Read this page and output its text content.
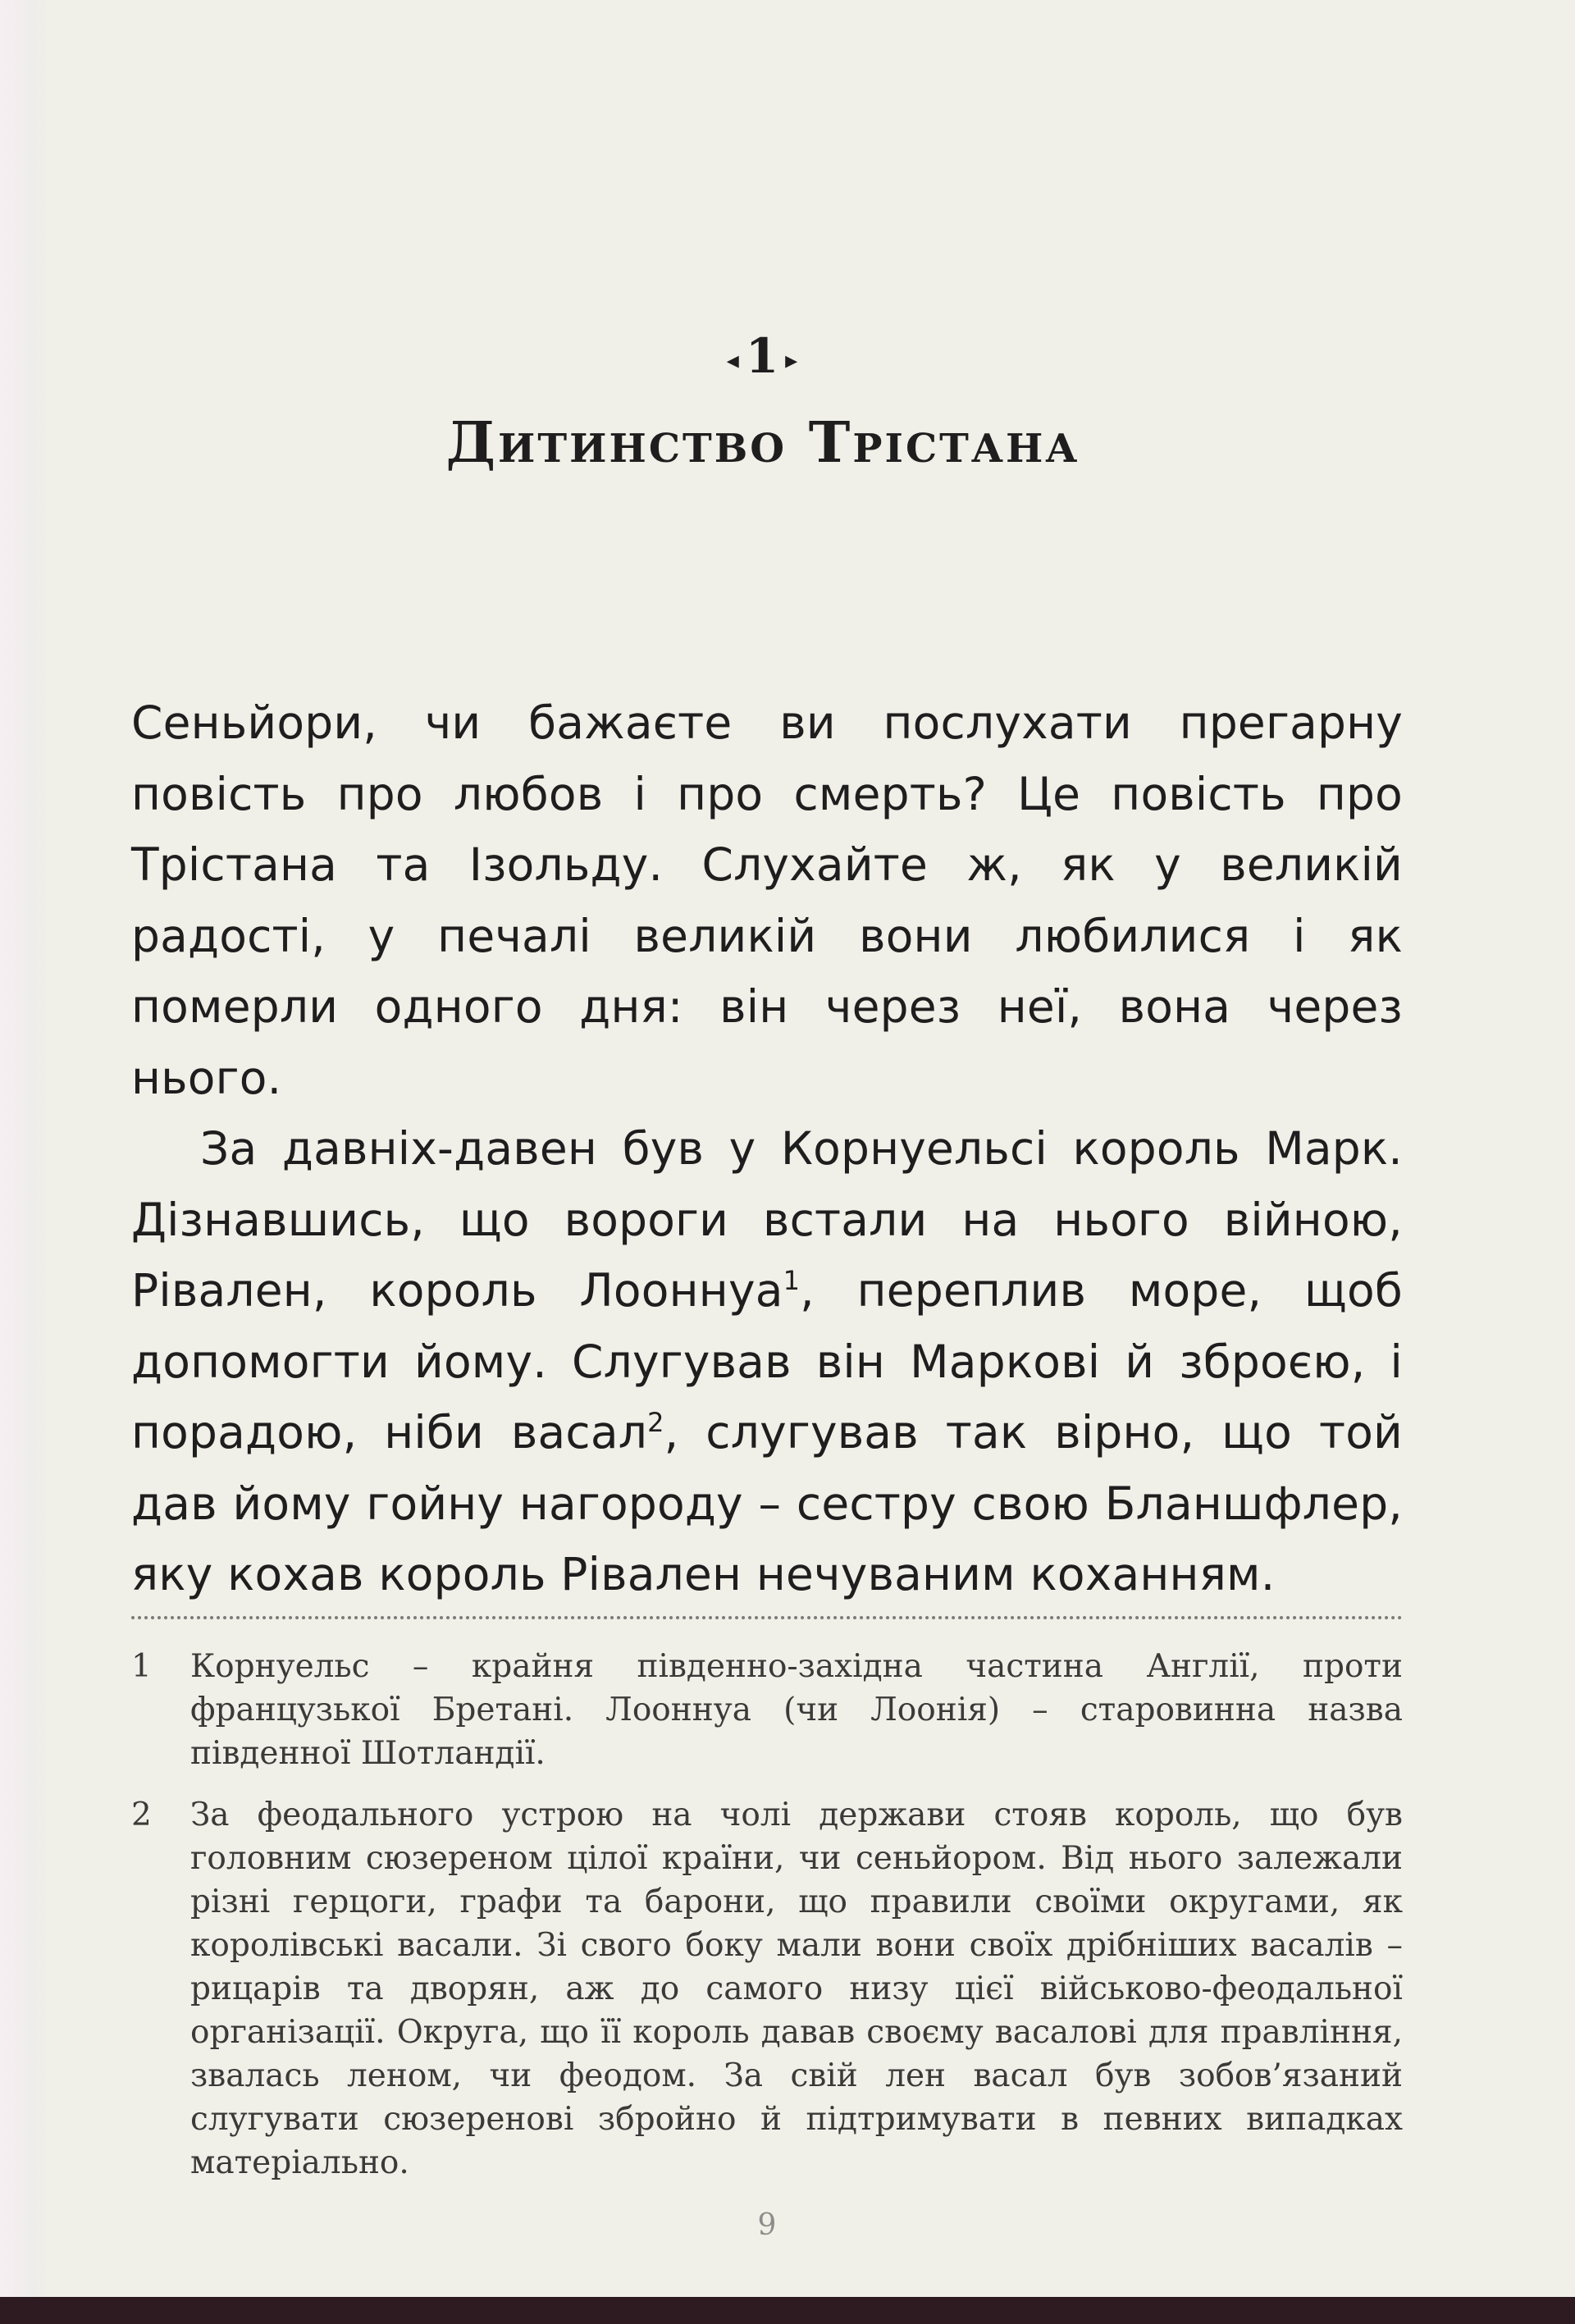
◂ 1 ▸
Дитинство Трістана

Сеньйори, чи бажаєте ви послухати прегарну повість про любов і про смерть? Це повість про Трістана та Ізольду. Слухайте ж, як у великій радості, у печалі великій вони любилися і як померли одного дня: він через неї, вона через нього.

За давніх-давен був у Корнуельсі король Марк. Дізнавшись, що вороги встали на нього війною, Рівален, король Лооннуа$^1$, переплив море, щоб допомогти йому. Слугував він Маркові й зброєю, і порадою, ніби васал$^2$, слугував так вірно, що той дав йому гойну нагороду – сестру свою Бланшфлер, яку кохав король Рівален нечуваним коханням.

1 Корнуельс – крайня південно-західна частина Англії, проти французької Бретані. Лооннуа (чи Лоонія) – старовинна назва південної Шотландії.
2 За феодального устрою на чолі держави стояв король, що був головним сюзереном цілої країни, чи сеньйором. Від нього залежали різні герцоги, графи та барони, що правили своїми округами, як королівські васали. Зі свого боку мали вони своїх дрібніших васалів – рицарів та дворян, аж до самого низу цієї військово-феодальної організації. Округа, що її король давав своєму васалові для правління, звалась леном, чи феодом. За свій лен васал був зобов’язаний слугувати сюзеренові збройно й підтримувати в певних випадках матеріально.
9
